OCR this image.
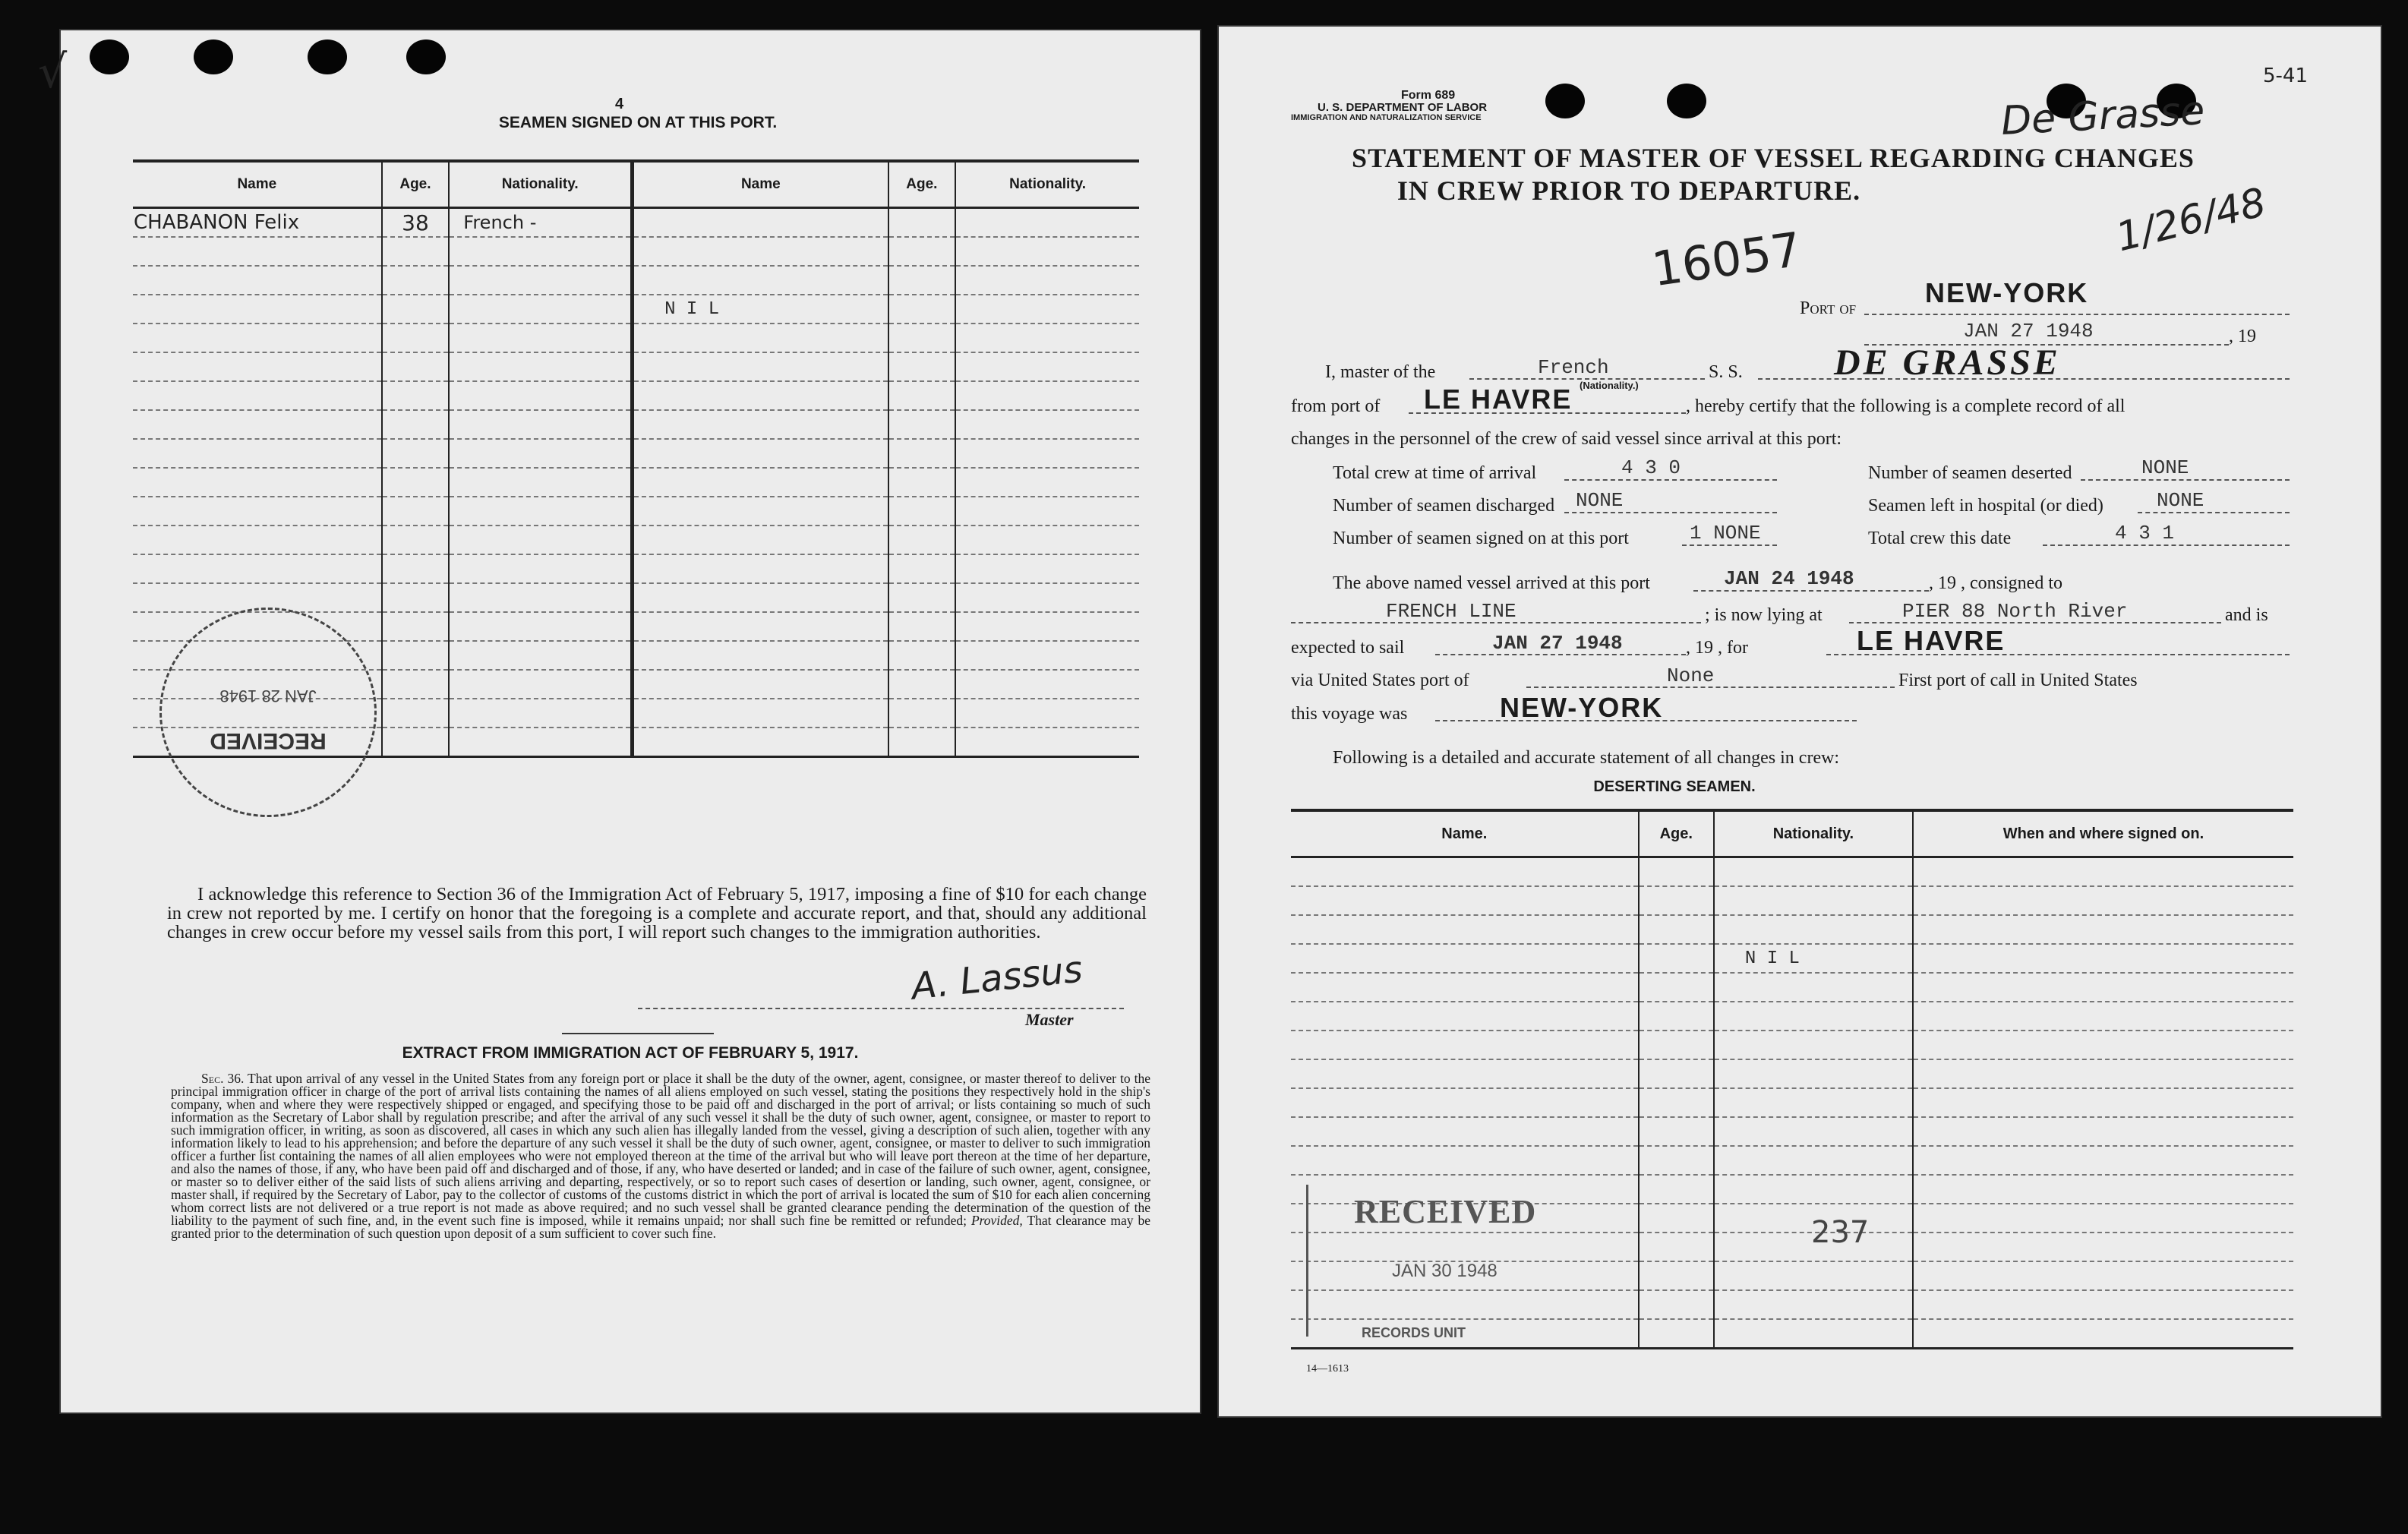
√
4
SEAMEN SIGNED ON AT THIS PORT.
Name	Age.	Nationality.	Name	Age.	Nationality.
CHABANON Felix	38	French -			

			N I L		

RECEIVED
JAN 28 1948
I acknowledge this reference to Section 36 of the Immigration Act of February 5, 1917, imposing a fine of $10 for each change in crew not reported by me. I certify on honor that the foregoing is a complete and accurate report, and that, should any additional changes in crew occur before my vessel sails from this port, I will report such changes to the immigration authorities.
A. Lassus
Master
EXTRACT FROM IMMIGRATION ACT OF FEBRUARY 5, 1917.

Sec. 36. That upon arrival of any vessel in the United States from any foreign port or place it shall be the duty of the owner, agent, consignee, or master thereof to deliver to the principal immigration officer in charge of the port of arrival lists containing the names of all aliens employed on such vessel, stating the positions they respectively hold in the ship's company, when and where they were respectively shipped or engaged, and specifying those to be paid off and discharged in the port of arrival; or lists containing so much of such information as the Secretary of Labor shall by regulation prescribe; and after the arrival of any such vessel it shall be the duty of such owner, agent, consignee, or master to report to such immigration officer, in writing, as soon as discovered, all cases in which any such alien has illegally landed from the vessel, giving a description of such alien, together with any information likely to lead to his apprehension; and before the departure of any such vessel it shall be the duty of such owner, agent, consignee, or master to deliver to such immigration officer a further list containing the names of all alien employees who were not employed thereon at the time of the arrival but who will leave port thereon at the time of her departure, and also the names of those, if any, who have been paid off and discharged and of those, if any, who have deserted or landed; and in case of the failure of such owner, agent, consignee, or master so to deliver either of the said lists of such aliens arriving and departing, respectively, or so to report such cases of desertion or landing, such owner, agent, consignee, or master shall, if required by the Secretary of Labor, pay to the collector of customs of the customs district in which the port of arrival is located the sum of $10 for each alien concerning whom correct lists are not delivered or a true report is not made as above required; and no such vessel shall be granted clearance pending the determination of the question of the liability to the payment of such fine, and, in the event such fine is imposed, while it remains unpaid; nor shall such fine be remitted or refunded; Provided, That clearance may be granted prior to the determination of such question upon deposit of a sum sufficient to cover such fine.

Form 689
U. S. DEPARTMENT OF LABOR
IMMIGRATION AND NATURALIZATION SERVICE
5-41
De Grasse
1/26/48
STATEMENT OF MASTER OF VESSEL REGARDING CHANGES
IN CREW PRIOR TO DEPARTURE.
16057
Port of	NEW-YORK
JAN 27 1948	, 19
I, master of the	French
(Nationality.)
S. S.	DE GRASSE
from port of LE HAVRE	, hereby certify that the following is a complete record of all
changes in the personnel of the crew of said vessel since arrival at this port:
Total crew at time of arrival	4 3 0	Number of seamen deserted	NONE
Number of seamen discharged NONE	Seamen left in hospital (or died)	NONE
Number of seamen signed on at this port	1 NONE	Total crew this date	4 3 1
The above named vessel arrived at this port	JAN 24 1948	, 19 , consigned to
FRENCH LINE	; is now lying at	PIER 88 North River	and is
expected to sail	JAN 27 1948	, 19 , for	LE HAVRE
via United States port of	None	First port of call in United States
this voyage was	NEW-YORK
Following is a detailed and accurate statement of all changes in crew:
DESERTING SEAMEN.
Name.	Age.	Nationality.	When and where signed on.

		N I L	

RECEIVED
JAN 30 1948
RECORDS UNIT
237
14—1613
